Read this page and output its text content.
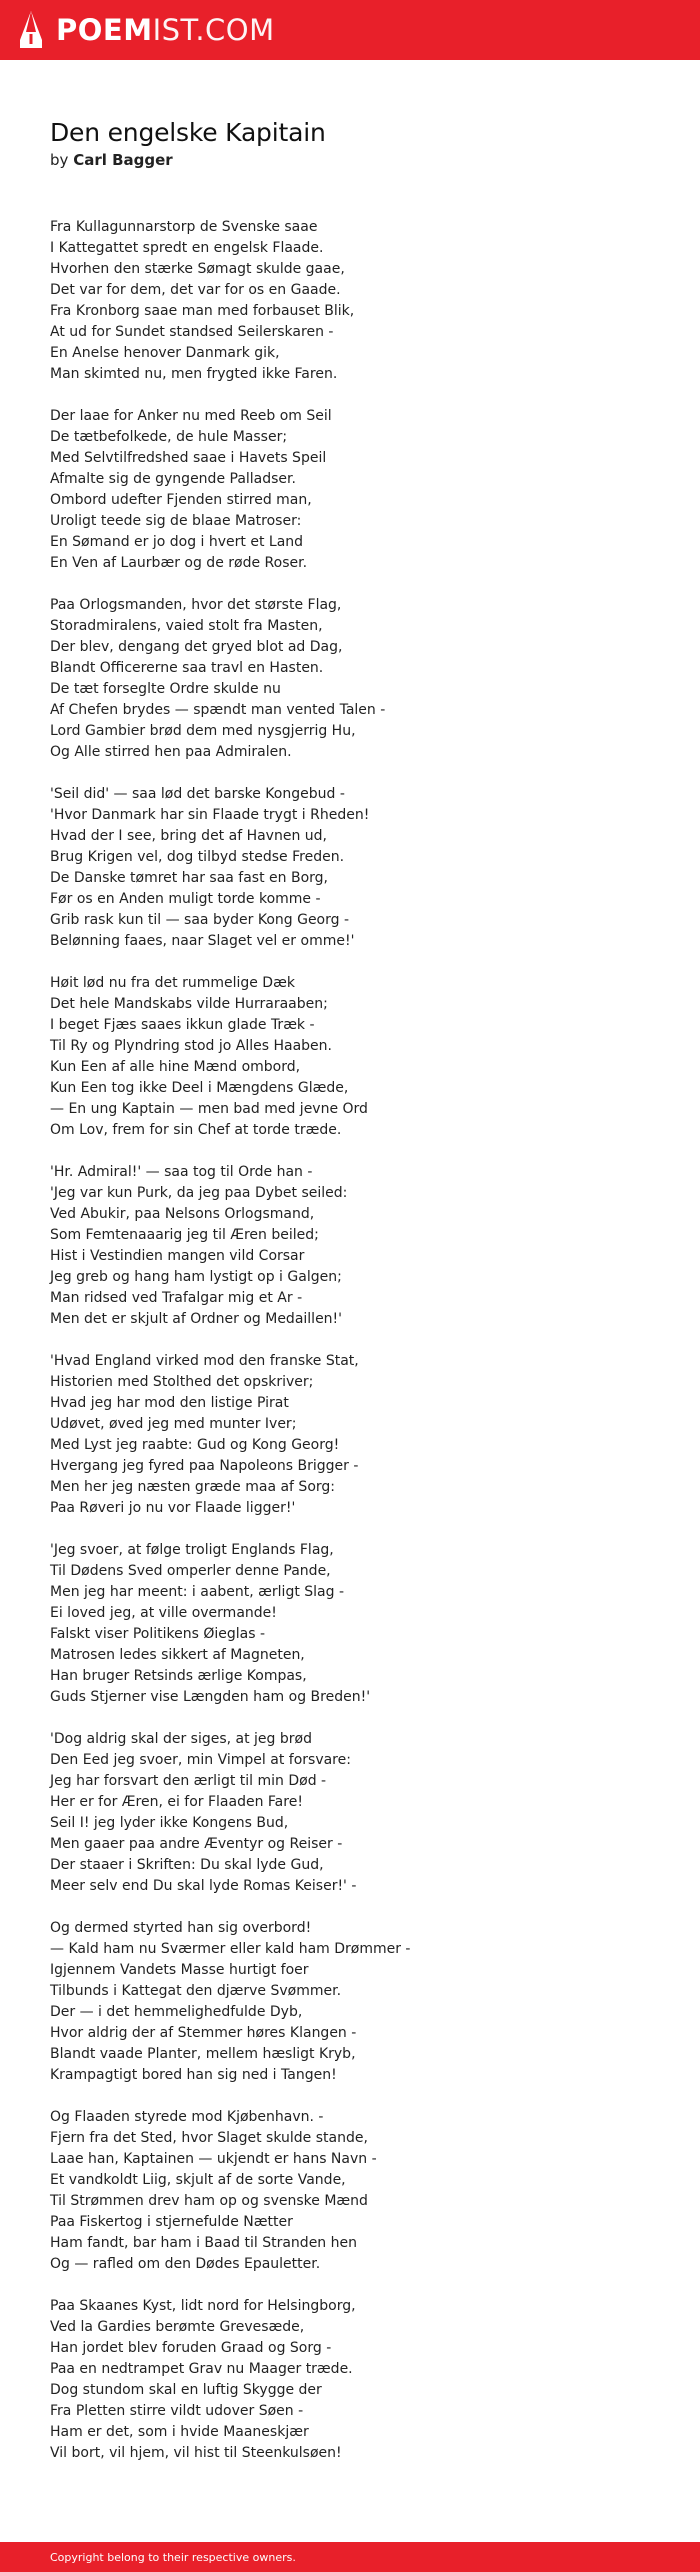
POEMIST.COM
Den engelske Kapitain
by Carl Bagger
Fra Kullagunnarstorp de Svenske saae
I Kattegattet spredt en engelsk Flaade.
Hvorhen den stærke Sømagt skulde gaae,
Det var for dem, det var for os en Gaade.
Fra Kronborg saae man med forbauset Blik,
At ud for Sundet standsed Seilerskaren -
En Anelse henover Danmark gik,
Man skimted nu, men frygted ikke Faren.
Der laae for Anker nu med Reeb om Seil
De tætbefolkede, de hule Masser;
Med Selvtilfredshed saae i Havets Speil
Afmalte sig de gyngende Palladser.
Ombord udefter Fjenden stirred man,
Uroligt teede sig de blaae Matroser:
En Sømand er jo dog i hvert et Land
En Ven af Laurbær og de røde Roser.
Paa Orlogsmanden, hvor det største Flag,
Storadmiralens, vaied stolt fra Masten,
Der blev, dengang det gryed blot ad Dag,
Blandt Officererne saa travl en Hasten.
De tæt forseglte Ordre skulde nu
Af Chefen brydes — spændt man vented Talen -
Lord Gambier brød dem med nysgjerrig Hu,
Og Alle stirred hen paa Admiralen.
'Seil did' — saa lød det barske Kongebud -
'Hvor Danmark har sin Flaade trygt i Rheden!
Hvad der I see, bring det af Havnen ud,
Brug Krigen vel, dog tilbyd stedse Freden.
De Danske tømret har saa fast en Borg,
Før os en Anden muligt torde komme -
Grib rask kun til — saa byder Kong Georg -
Belønning faaes, naar Slaget vel er omme!'
Høit lød nu fra det rummelige Dæk
Det hele Mandskabs vilde Hurraraaben;
I beget Fjæs saaes ikkun glade Træk -
Til Ry og Plyndring stod jo Alles Haaben.
Kun Een af alle hine Mænd ombord,
Kun Een tog ikke Deel i Mængdens Glæde,
— En ung Kaptain — men bad med jevne Ord
Om Lov, frem for sin Chef at torde træde.
'Hr. Admiral!' — saa tog til Orde han -
'Jeg var kun Purk, da jeg paa Dybet seiled:
Ved Abukir, paa Nelsons Orlogsmand,
Som Femtenaaarig jeg til Æren beiled;
Hist i Vestindien mangen vild Corsar
Jeg greb og hang ham lystigt op i Galgen;
Man ridsed ved Trafalgar mig et Ar -
Men det er skjult af Ordner og Medaillen!'
'Hvad England virked mod den franske Stat,
Historien med Stolthed det opskriver;
Hvad jeg har mod den listige Pirat
Udøvet, øved jeg med munter Iver;
Med Lyst jeg raabte: Gud og Kong Georg!
Hvergang jeg fyred paa Napoleons Brigger -
Men her jeg næsten græde maa af Sorg:
Paa Røveri jo nu vor Flaade ligger!'
'Jeg svoer, at følge troligt Englands Flag,
Til Dødens Sved omperler denne Pande,
Men jeg har meent: i aabent, ærligt Slag -
Ei loved jeg, at ville overmande!
Falskt viser Politikens Øieglas -
Matrosen ledes sikkert af Magneten,
Han bruger Retsinds ærlige Kompas,
Guds Stjerner vise Længden ham og Breden!'
'Dog aldrig skal der siges, at jeg brød
Den Eed jeg svoer, min Vimpel at forsvare:
Jeg har forsvart den ærligt til min Død -
Her er for Æren, ei for Flaaden Fare!
Seil I! jeg lyder ikke Kongens Bud,
Men gaaer paa andre Æventyr og Reiser -
Der staaer i Skriften: Du skal lyde Gud,
Meer selv end Du skal lyde Romas Keiser!' -
Og dermed styrted han sig overbord!
— Kald ham nu Sværmer eller kald ham Drømmer -
Igjennem Vandets Masse hurtigt foer
Tilbunds i Kattegat den djærve Svømmer.
Der — i det hemmelighedfulde Dyb,
Hvor aldrig der af Stemmer høres Klangen -
Blandt vaade Planter, mellem hæsligt Kryb,
Krampagtigt bored han sig ned i Tangen!
Og Flaaden styrede mod Kjøbenhavn. -
Fjern fra det Sted, hvor Slaget skulde stande,
Laae han, Kaptainen — ukjendt er hans Navn -
Et vandkoldt Liig, skjult af de sorte Vande,
Til Strømmen drev ham op og svenske Mænd
Paa Fiskertog i stjernefulde Nætter
Ham fandt, bar ham i Baad til Stranden hen
Og — rafled om den Dødes Epauletter.
Paa Skaanes Kyst, lidt nord for Helsingborg,
Ved la Gardies berømte Grevesæde,
Han jordet blev foruden Graad og Sorg -
Paa en nedtrampet Grav nu Maager træde.
Dog stundom skal en luftig Skygge der
Fra Pletten stirre vildt udover Søen -
Ham er det, som i hvide Maaneskjær
Vil bort, vil hjem, vil hist til Steenkulsøen!
Copyright belong to their respective owners.
